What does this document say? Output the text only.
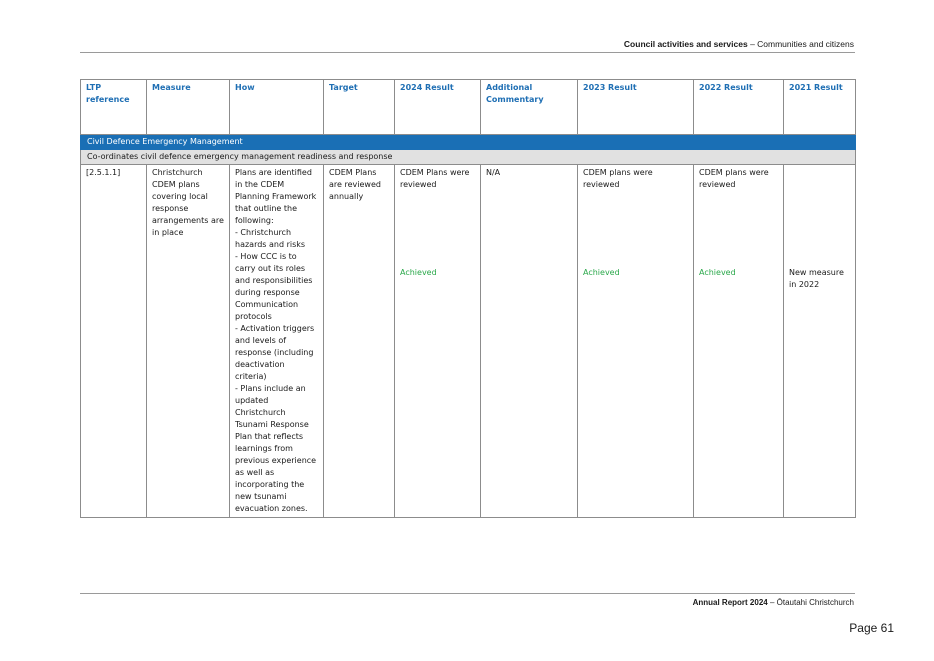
Council activities and services – Communities and citizens
LTP reference	Measure	How	Target	2024 Result	Additional Commentary	2023 Result	2022 Result	2021 Result
Civil Defence Emergency Management								
Co-ordinates civil defence emergency management readiness and response								
[2.5.1.1]	Christchurch CDEM plans covering local response arrangements are in place	Plans are identified in the CDEM Planning Framework that outline the following:
- Christchurch hazards and risks
- How CCC is to carry out its roles and responsibilities during response Communication protocols
- Activation triggers and levels of response (including deactivation criteria)
- Plans include an updated Christchurch Tsunami Response Plan that reflects learnings from previous experience as well as incorporating the new tsunami evacuation zones.	CDEM Plans are reviewed annually	CDEM Plans were reviewed	N/A	CDEM plans were reviewed	CDEM plans were reviewed	
				Achieved		Achieved	Achieved	New measure in 2022
Annual Report 2024 – Ōtautahi Christchurch
Page 61
